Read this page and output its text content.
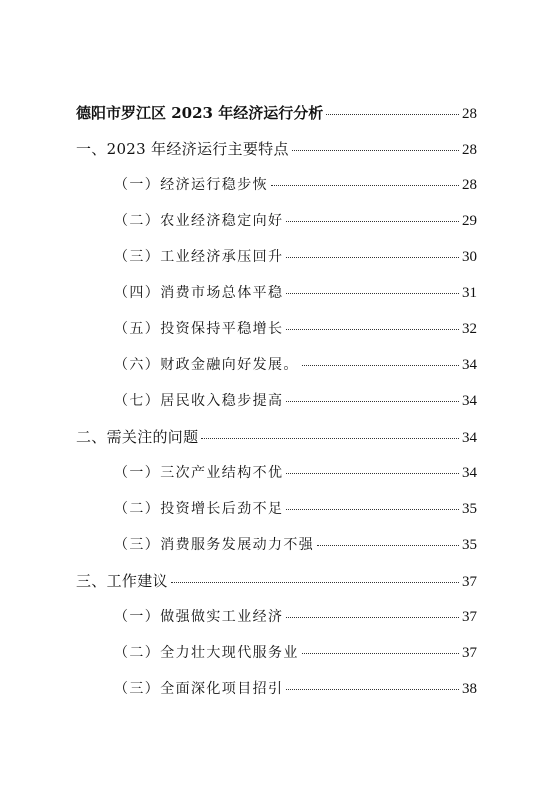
德阳市罗江区 2023 年经济运行分析	28
一、2023 年经济运行主要特点	28
（一）经济运行稳步恢	28
（二）农业经济稳定向好	29
（三）工业经济承压回升	30
（四）消费市场总体平稳	31
（五）投资保持平稳增长	32
（六）财政金融向好发展。	34
（七）居民收入稳步提高	34
二、需关注的问题	34
（一）三次产业结构不优	34
（二）投资增长后劲不足	35
（三）消费服务发展动力不强	35
三、工作建议	37
（一）做强做实工业经济	37
（二）全力壮大现代服务业	37
（三）全面深化项目招引	38
